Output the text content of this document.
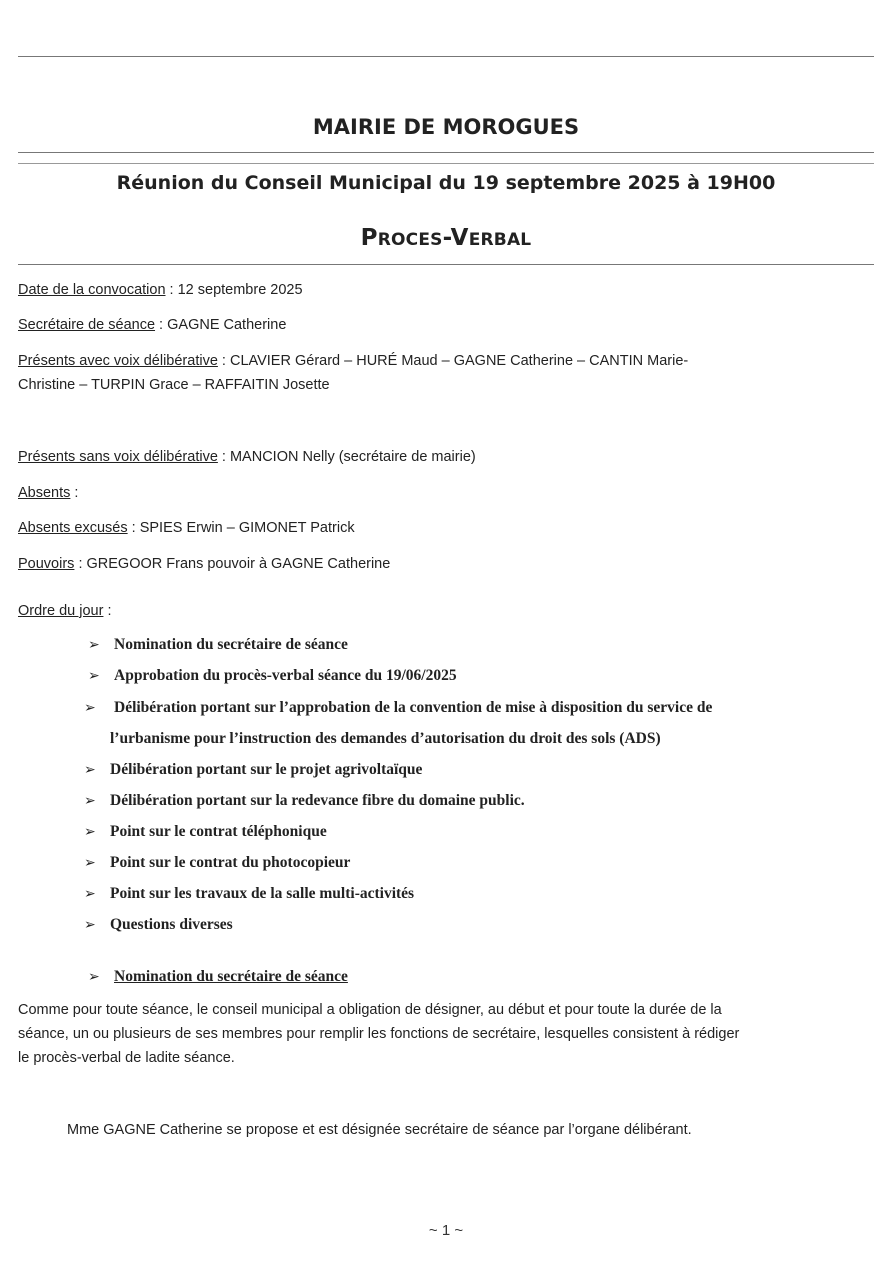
MAIRIE DE MOROGUES
Réunion du Conseil Municipal du 19 septembre 2025 à 19H00
PROCES-VERBAL
Date de la convocation : 12 septembre 2025
Secrétaire de séance : GAGNE Catherine
Présents avec voix délibérative : CLAVIER Gérard – HURÉ Maud – GAGNE Catherine – CANTIN Marie-
Christine – TURPIN Grace – RAFFAITIN Josette
Présents sans voix délibérative : MANCION Nelly (secrétaire de mairie)
Absents :
Absents excusés : SPIES Erwin – GIMONET Patrick
Pouvoirs : GREGOOR Frans pouvoir à GAGNE Catherine
Ordre du jour :
➢ Nomination du secrétaire de séance
➢ Approbation du procès-verbal séance du 19/06/2025
➢ Délibération portant sur l’approbation de la convention de mise à disposition du service de
l’urbanisme pour l’instruction des demandes d’autorisation du droit des sols (ADS)
➢ Délibération portant sur le projet agrivoltaïque
➢ Délibération portant sur la redevance fibre du domaine public.
➢ Point sur le contrat téléphonique
➢ Point sur le contrat du photocopieur
➢ Point sur les travaux de la salle multi-activités
➢ Questions diverses
➢ Nomination du secrétaire de séance
Comme pour toute séance, le conseil municipal a obligation de désigner, au début et pour toute la durée de la
séance, un ou plusieurs de ses membres pour remplir les fonctions de secrétaire, lesquelles consistent à rédiger
le procès-verbal de ladite séance.
Mme GAGNE Catherine se propose et est désignée secrétaire de séance par l’organe délibérant.
~ 1 ~
